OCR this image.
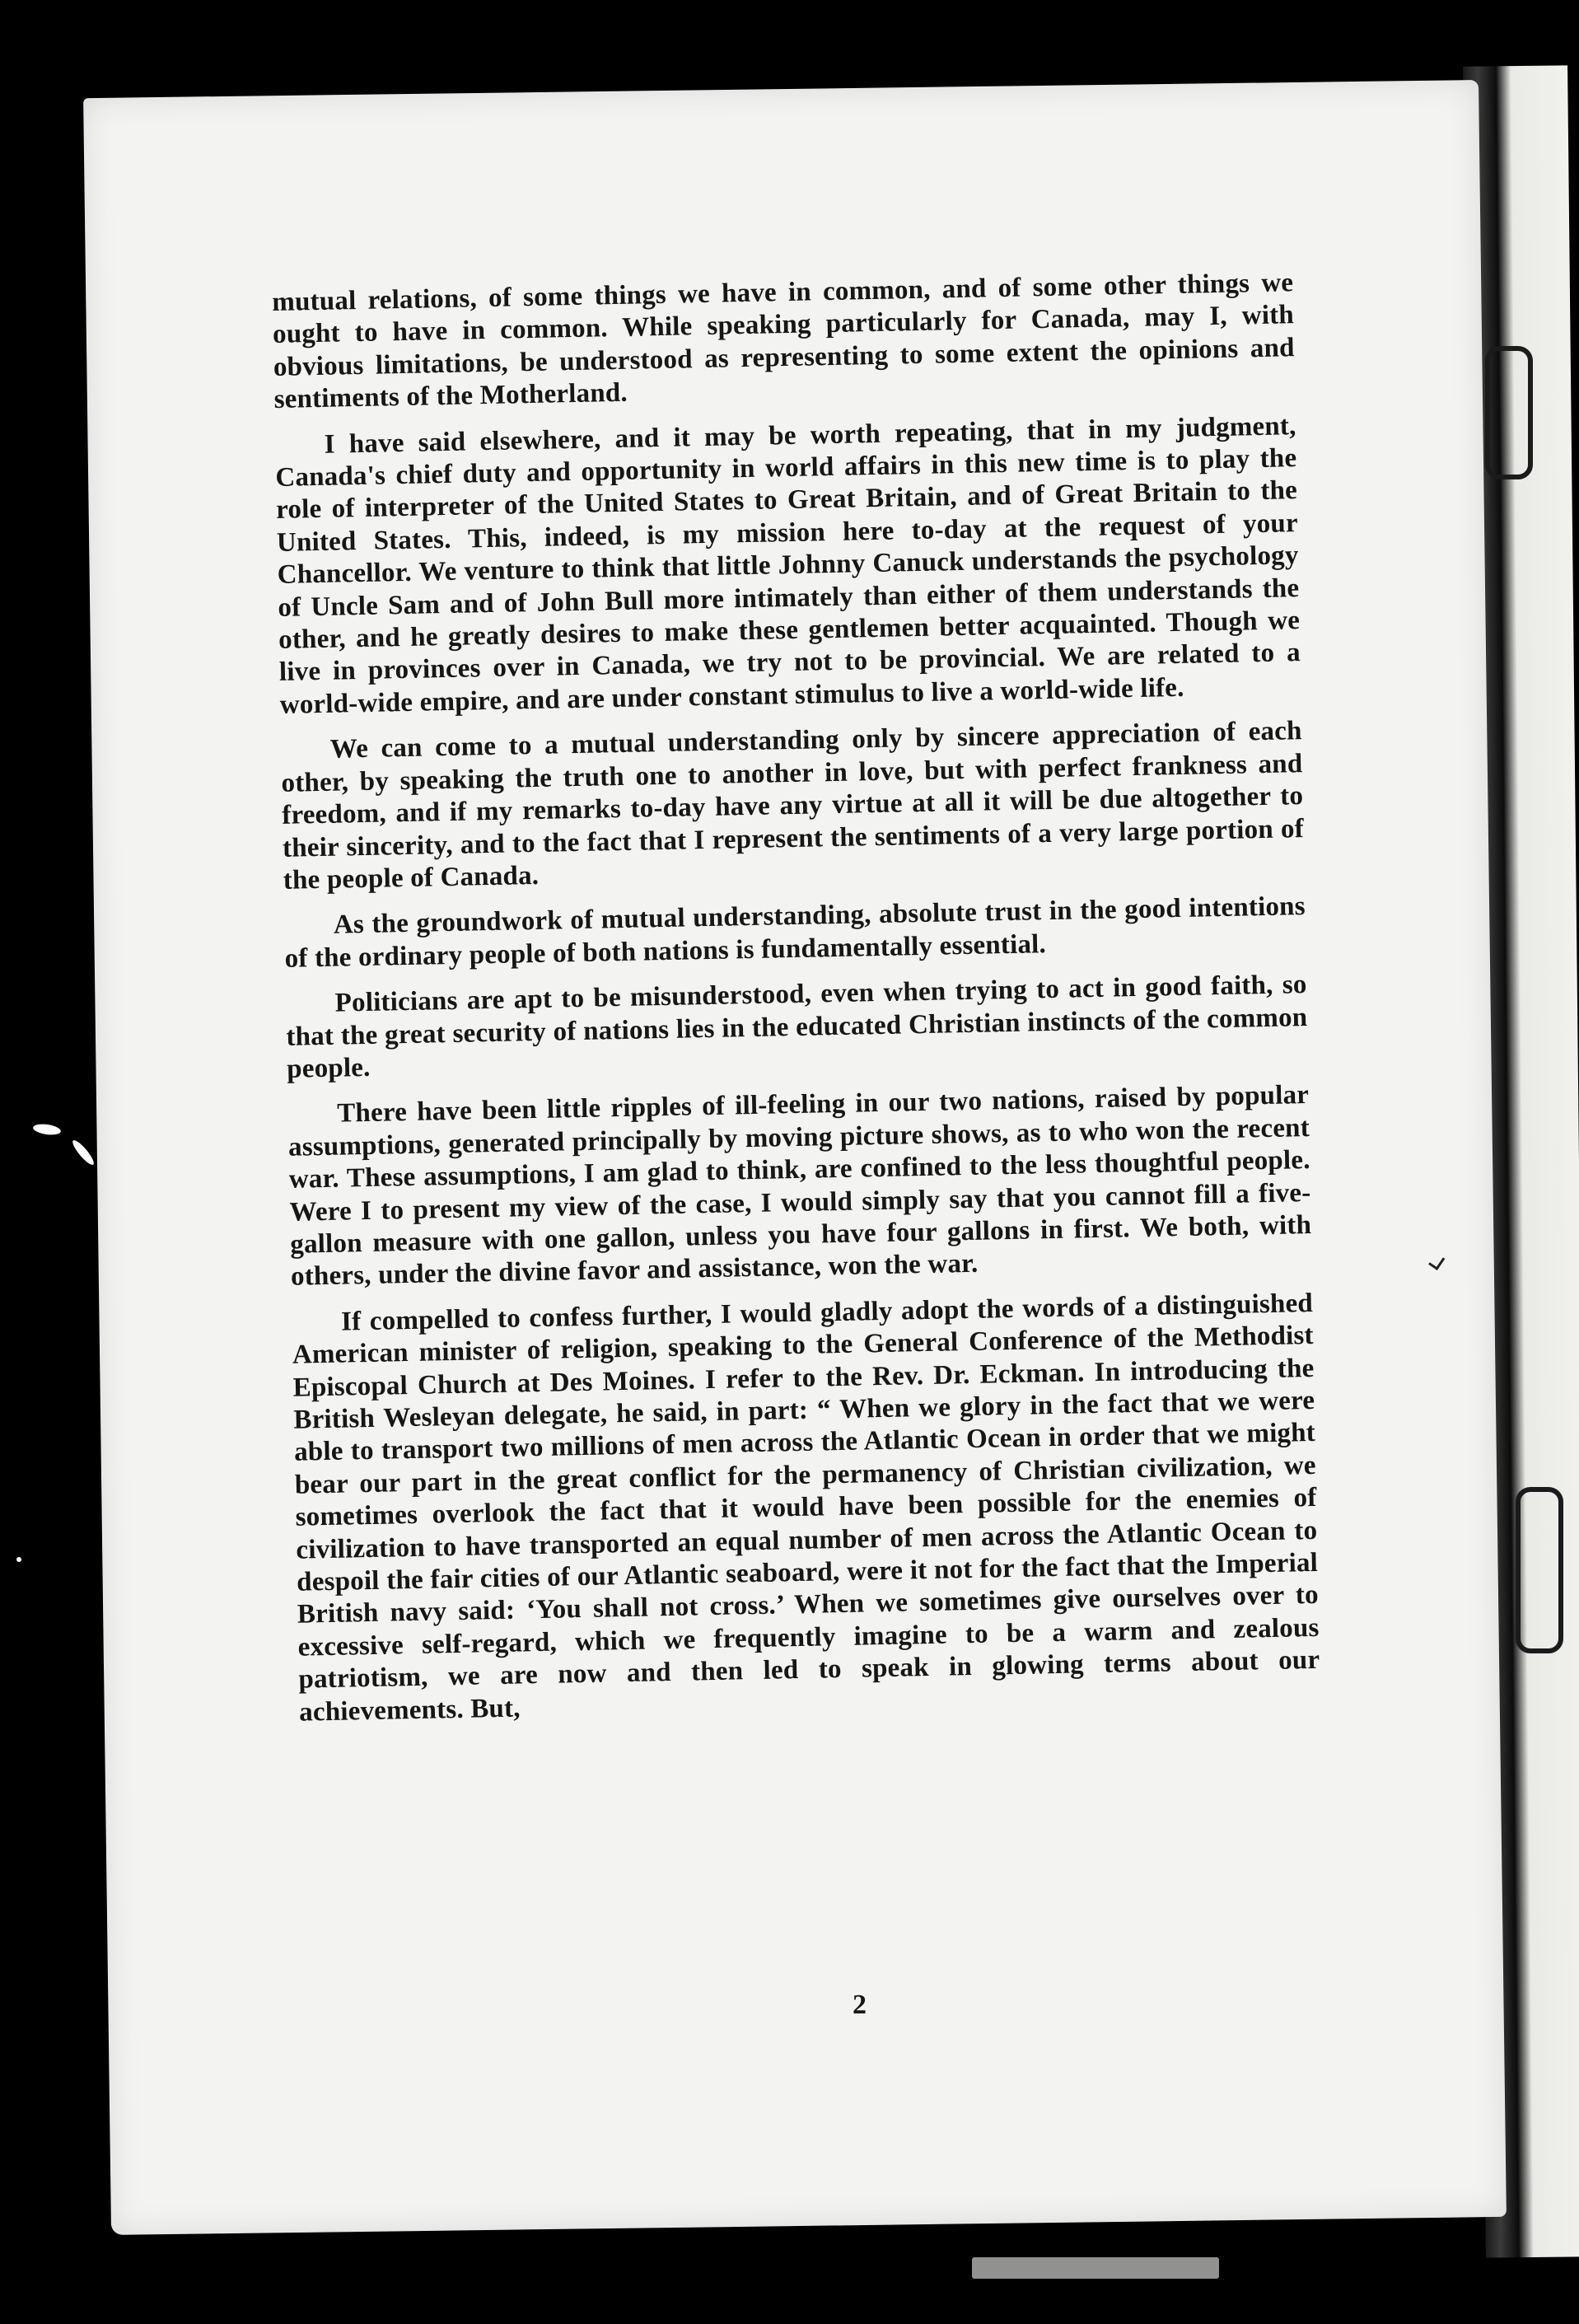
mutual relations, of some things we have in common, and of some other things we ought to have in common. While speaking particularly for Canada, may I, with obvious limitations, be understood as representing to some extent the opinions and sentiments of the Motherland.

I have said elsewhere, and it may be worth repeating, that in my judgment, Canada's chief duty and opportunity in world affairs in this new time is to play the role of interpreter of the United States to Great Britain, and of Great Britain to the United States. This, indeed, is my mission here to-day at the request of your Chancellor. We venture to think that little Johnny Canuck understands the psychology of Uncle Sam and of John Bull more intimately than either of them understands the other, and he greatly desires to make these gentlemen better acquainted. Though we live in provinces over in Canada, we try not to be provincial. We are related to a world-wide empire, and are under constant stimulus to live a world-wide life.

We can come to a mutual understanding only by sincere appreciation of each other, by speaking the truth one to another in love, but with perfect frankness and freedom, and if my remarks to-day have any virtue at all it will be due altogether to their sincerity, and to the fact that I represent the sentiments of a very large portion of the people of Canada.

As the groundwork of mutual understanding, absolute trust in the good intentions of the ordinary people of both nations is fundamentally essential.

Politicians are apt to be misunderstood, even when trying to act in good faith, so that the great security of nations lies in the educated Christian instincts of the common people.

There have been little ripples of ill-feeling in our two nations, raised by popular assumptions, generated principally by moving picture shows, as to who won the recent war. These assumptions, I am glad to think, are confined to the less thoughtful people. Were I to present my view of the case, I would simply say that you cannot fill a five-gallon measure with one gallon, unless you have four gallons in first. We both, with others, under the divine favor and assistance, won the war.

If compelled to confess further, I would gladly adopt the words of a distinguished American minister of religion, speaking to the General Conference of the Methodist Episcopal Church at Des Moines. I refer to the Rev. Dr. Eckman. In introducing the British Wesleyan delegate, he said, in part: “ When we glory in the fact that we were able to transport two millions of men across the Atlantic Ocean in order that we might bear our part in the great conflict for the permanency of Christian civilization, we sometimes overlook the fact that it would have been possible for the enemies of civilization to have transported an equal number of men across the Atlantic Ocean to despoil the fair cities of our Atlantic seaboard, were it not for the fact that the Imperial British navy said: ‘You shall not cross.’ When we sometimes give ourselves over to excessive self-regard, which we frequently imagine to be a warm and zealous patriotism, we are now and then led to speak in glowing terms about our achievements. But,

2
